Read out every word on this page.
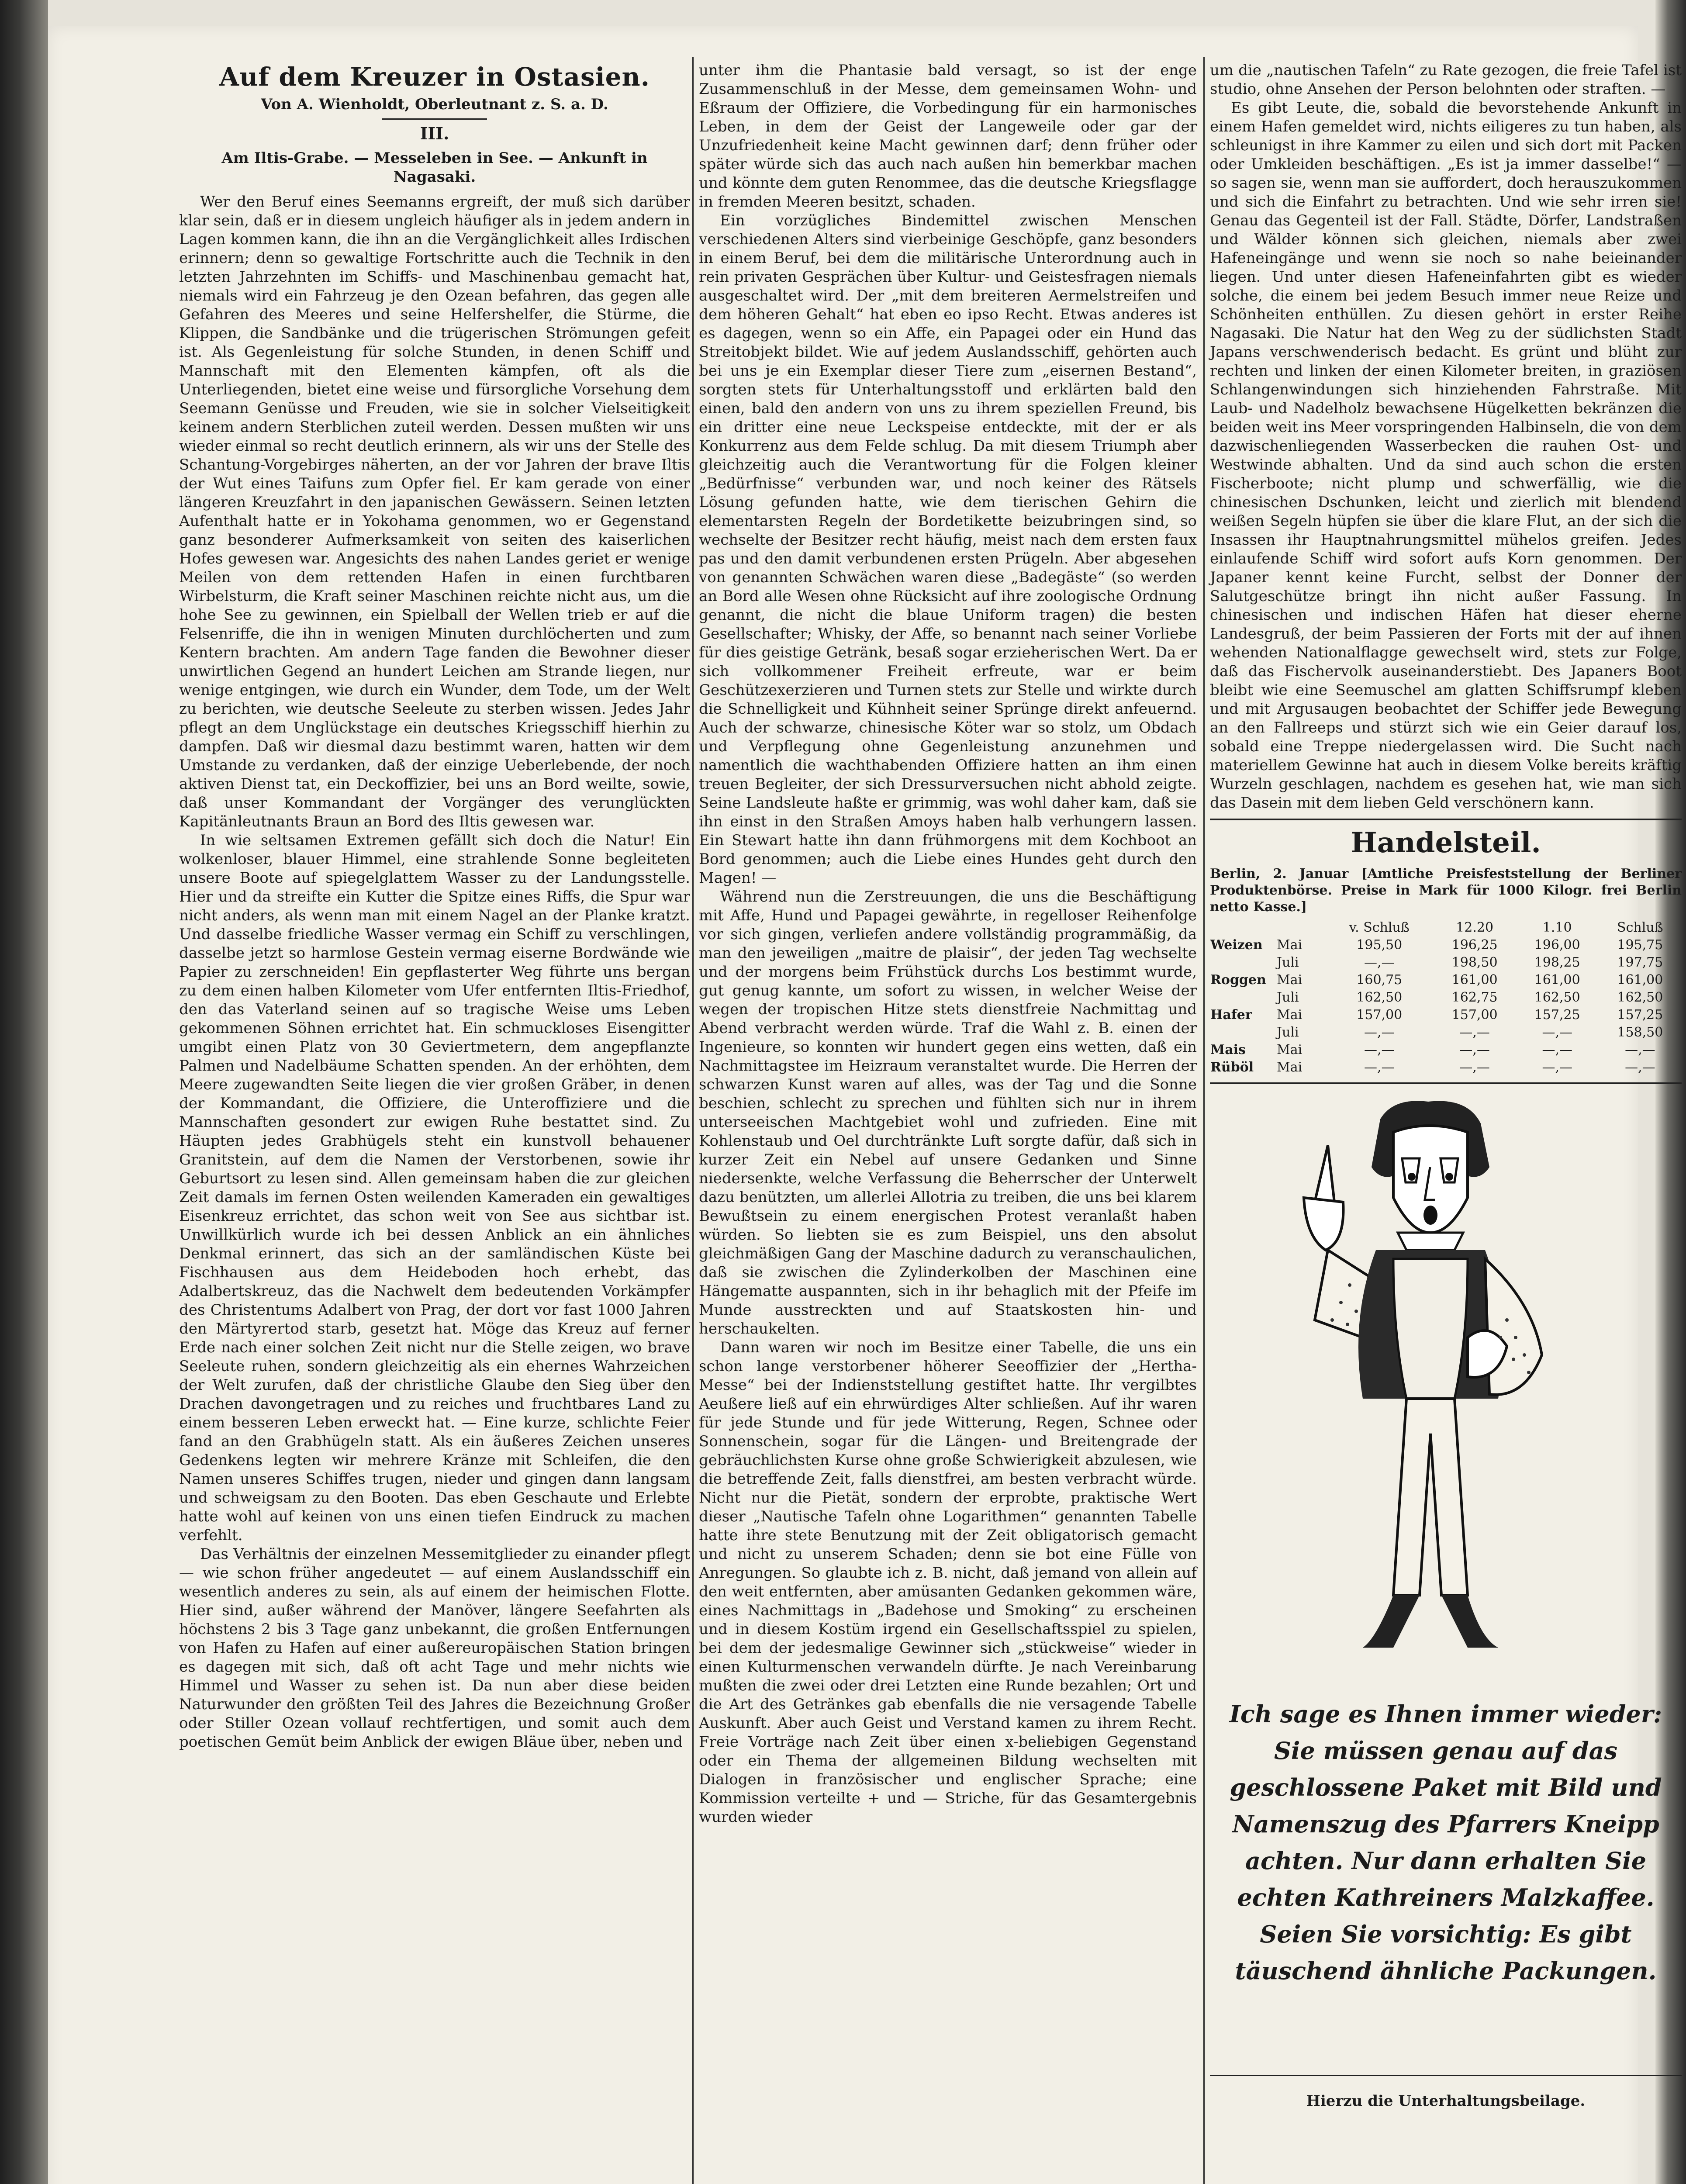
Auf dem Kreuzer in Ostasien.
Von A. Wienholdt, Oberleutnant z. S. a. D.
III.
Am Iltis-Grabe. — Messeleben in See. — Ankunft in Nagasaki.

Wer den Beruf eines Seemanns ergreift, der muß sich darüber klar sein, daß er in diesem ungleich häufiger als in jedem andern in Lagen kommen kann, die ihn an die Vergänglichkeit alles Irdischen erinnern; denn so gewaltige Fortschritte auch die Technik in den letzten Jahrzehnten im Schiffs- und Maschinenbau gemacht hat, niemals wird ein Fahrzeug je den Ozean befahren, das gegen alle Gefahren des Meeres und seine Helfershelfer, die Stürme, die Klippen, die Sandbänke und die trügerischen Strömungen gefeit ist. Als Gegenleistung für solche Stunden, in denen Schiff und Mannschaft mit den Elementen kämpfen, oft als die Unterliegenden, bietet eine weise und fürsorgliche Vorsehung dem Seemann Genüsse und Freuden, wie sie in solcher Vielseitigkeit keinem andern Sterblichen zuteil werden. Dessen mußten wir uns wieder einmal so recht deutlich erinnern, als wir uns der Stelle des Schantung-Vorgebirges näherten, an der vor Jahren der brave Iltis der Wut eines Taifuns zum Opfer fiel. Er kam gerade von einer längeren Kreuzfahrt in den japanischen Gewässern. Seinen letzten Aufenthalt hatte er in Yokohama genommen, wo er Gegenstand ganz besonderer Aufmerksamkeit von seiten des kaiserlichen Hofes gewesen war. Angesichts des nahen Landes geriet er wenige Meilen von dem rettenden Hafen in einen furchtbaren Wirbelsturm, die Kraft seiner Maschinen reichte nicht aus, um die hohe See zu gewinnen, ein Spielball der Wellen trieb er auf die Felsenriffe, die ihn in wenigen Minuten durchlöcherten und zum Kentern brachten. Am andern Tage fanden die Bewohner dieser unwirtlichen Gegend an hundert Leichen am Strande liegen, nur wenige entgingen, wie durch ein Wunder, dem Tode, um der Welt zu berichten, wie deutsche Seeleute zu sterben wissen. Jedes Jahr pflegt an dem Unglückstage ein deutsches Kriegsschiff hierhin zu dampfen. Daß wir diesmal dazu bestimmt waren, hatten wir dem Umstande zu verdanken, daß der einzige Ueberlebende, der noch aktiven Dienst tat, ein Deckoffizier, bei uns an Bord weilte, sowie, daß unser Kommandant der Vorgänger des verunglückten Kapitänleutnants Braun an Bord des Iltis gewesen war.

In wie seltsamen Extremen gefällt sich doch die Natur! Ein wolkenloser, blauer Himmel, eine strahlende Sonne begleiteten unsere Boote auf spiegelglattem Wasser zu der Landungsstelle. Hier und da streifte ein Kutter die Spitze eines Riffs, die Spur war nicht anders, als wenn man mit einem Nagel an der Planke kratzt. Und dasselbe friedliche Wasser vermag ein Schiff zu verschlingen, dasselbe jetzt so harmlose Gestein vermag eiserne Bordwände wie Papier zu zerschneiden! Ein gepflasterter Weg führte uns bergan zu dem einen halben Kilometer vom Ufer entfernten Iltis-Friedhof, den das Vaterland seinen auf so tragische Weise ums Leben gekommenen Söhnen errichtet hat. Ein schmuckloses Eisengitter umgibt einen Platz von 30 Geviertmetern, dem angepflanzte Palmen und Nadelbäume Schatten spenden. An der erhöhten, dem Meere zugewandten Seite liegen die vier großen Gräber, in denen der Kommandant, die Offiziere, die Unteroffiziere und die Mannschaften gesondert zur ewigen Ruhe bestattet sind. Zu Häupten jedes Grabhügels steht ein kunstvoll behauener Granitstein, auf dem die Namen der Verstorbenen, sowie ihr Geburtsort zu lesen sind. Allen gemeinsam haben die zur gleichen Zeit damals im fernen Osten weilenden Kameraden ein gewaltiges Eisenkreuz errichtet, das schon weit von See aus sichtbar ist. Unwillkürlich wurde ich bei dessen Anblick an ein ähnliches Denkmal erinnert, das sich an der samländischen Küste bei Fischhausen aus dem Heideboden hoch erhebt, das Adalbertskreuz, das die Nachwelt dem bedeutenden Vorkämpfer des Christentums Adalbert von Prag, der dort vor fast 1000 Jahren den Märtyrertod starb, gesetzt hat. Möge das Kreuz auf ferner Erde nach einer solchen Zeit nicht nur die Stelle zeigen, wo brave Seeleute ruhen, sondern gleichzeitig als ein ehernes Wahrzeichen der Welt zurufen, daß der christliche Glaube den Sieg über den Drachen davongetragen und zu reiches und fruchtbares Land zu einem besseren Leben erweckt hat. — Eine kurze, schlichte Feier fand an den Grabhügeln statt. Als ein äußeres Zeichen unseres Gedenkens legten wir mehrere Kränze mit Schleifen, die den Namen unseres Schiffes trugen, nieder und gingen dann langsam und schweigsam zu den Booten. Das eben Geschaute und Erlebte hatte wohl auf keinen von uns einen tiefen Eindruck zu machen verfehlt.

Das Verhältnis der einzelnen Messemitglieder zu einander pflegt — wie schon früher angedeutet — auf einem Auslandsschiff ein wesentlich anderes zu sein, als auf einem der heimischen Flotte. Hier sind, außer während der Manöver, längere Seefahrten als höchstens 2 bis 3 Tage ganz unbekannt, die großen Entfernungen von Hafen zu Hafen auf einer außereuropäischen Station bringen es dagegen mit sich, daß oft acht Tage und mehr nichts wie Himmel und Wasser zu sehen ist. Da nun aber diese beiden Naturwunder den größten Teil des Jahres die Bezeichnung Großer oder Stiller Ozean vollauf rechtfertigen, und somit auch dem poetischen Gemüt beim Anblick der ewigen Bläue über, neben und

unter ihm die Phantasie bald versagt, so ist der enge Zusammenschluß in der Messe, dem gemeinsamen Wohn- und Eßraum der Offiziere, die Vorbedingung für ein harmonisches Leben, in dem der Geist der Langeweile oder gar der Unzufriedenheit keine Macht gewinnen darf; denn früher oder später würde sich das auch nach außen hin bemerkbar machen und könnte dem guten Renommee, das die deutsche Kriegsflagge in fremden Meeren besitzt, schaden.

Ein vorzügliches Bindemittel zwischen Menschen verschiedenen Alters sind vierbeinige Geschöpfe, ganz besonders in einem Beruf, bei dem die militärische Unterordnung auch in rein privaten Gesprächen über Kultur- und Geistesfragen niemals ausgeschaltet wird. Der „mit dem breiteren Aermelstreifen und dem höheren Gehalt“ hat eben eo ipso Recht. Etwas anderes ist es dagegen, wenn so ein Affe, ein Papagei oder ein Hund das Streitobjekt bildet. Wie auf jedem Auslandsschiff, gehörten auch bei uns je ein Exemplar dieser Tiere zum „eisernen Bestand“, sorgten stets für Unterhaltungsstoff und erklärten bald den einen, bald den andern von uns zu ihrem speziellen Freund, bis ein dritter eine neue Leckspeise entdeckte, mit der er als Konkurrenz aus dem Felde schlug. Da mit diesem Triumph aber gleichzeitig auch die Verantwortung für die Folgen kleiner „Bedürfnisse“ verbunden war, und noch keiner des Rätsels Lösung gefunden hatte, wie dem tierischen Gehirn die elementarsten Regeln der Bordetikette beizubringen sind, so wechselte der Besitzer recht häufig, meist nach dem ersten faux pas und den damit verbundenen ersten Prügeln. Aber abgesehen von genannten Schwächen waren diese „Badegäste“ (so werden an Bord alle Wesen ohne Rücksicht auf ihre zoologische Ordnung genannt, die nicht die blaue Uniform tragen) die besten Gesellschafter; Whisky, der Affe, so benannt nach seiner Vorliebe für dies geistige Getränk, besaß sogar erzieherischen Wert. Da er sich vollkommener Freiheit erfreute, war er beim Geschützexerzieren und Turnen stets zur Stelle und wirkte durch die Schnelligkeit und Kühnheit seiner Sprünge direkt anfeuernd. Auch der schwarze, chinesische Köter war so stolz, um Obdach und Verpflegung ohne Gegenleistung anzunehmen und namentlich die wachthabenden Offiziere hatten an ihm einen treuen Begleiter, der sich Dressurversuchen nicht abhold zeigte. Seine Landsleute haßte er grimmig, was wohl daher kam, daß sie ihn einst in den Straßen Amoys haben halb verhungern lassen. Ein Stewart hatte ihn dann frühmorgens mit dem Kochboot an Bord genommen; auch die Liebe eines Hundes geht durch den Magen! —

Während nun die Zerstreuungen, die uns die Beschäftigung mit Affe, Hund und Papagei gewährte, in regelloser Reihenfolge vor sich gingen, verliefen andere vollständig programmäßig, da man den jeweiligen „maitre de plaisir“, der jeden Tag wechselte und der morgens beim Frühstück durchs Los bestimmt wurde, gut genug kannte, um sofort zu wissen, in welcher Weise der wegen der tropischen Hitze stets dienstfreie Nachmittag und Abend verbracht werden würde. Traf die Wahl z. B. einen der Ingenieure, so konnten wir hundert gegen eins wetten, daß ein Nachmittagstee im Heizraum veranstaltet wurde. Die Herren der schwarzen Kunst waren auf alles, was der Tag und die Sonne beschien, schlecht zu sprechen und fühlten sich nur in ihrem unterseeischen Machtgebiet wohl und zufrieden. Eine mit Kohlenstaub und Oel durchtränkte Luft sorgte dafür, daß sich in kurzer Zeit ein Nebel auf unsere Gedanken und Sinne niedersenkte, welche Verfassung die Beherrscher der Unterwelt dazu benützten, um allerlei Allotria zu treiben, die uns bei klarem Bewußtsein zu einem energischen Protest veranlaßt haben würden. So liebten sie es zum Beispiel, uns den absolut gleichmäßigen Gang der Maschine dadurch zu veranschaulichen, daß sie zwischen die Zylinderkolben der Maschinen eine Hängematte auspannten, sich in ihr behaglich mit der Pfeife im Munde ausstreckten und auf Staatskosten hin- und herschaukelten.

Dann waren wir noch im Besitze einer Tabelle, die uns ein schon lange verstorbener höherer Seeoffizier der „Hertha-Messe“ bei der Indienststellung gestiftet hatte. Ihr vergilbtes Aeußere ließ auf ein ehrwürdiges Alter schließen. Auf ihr waren für jede Stunde und für jede Witterung, Regen, Schnee oder Sonnenschein, sogar für die Längen- und Breitengrade der gebräuchlichsten Kurse ohne große Schwierigkeit abzulesen, wie die betreffende Zeit, falls dienstfrei, am besten verbracht würde. Nicht nur die Pietät, sondern der erprobte, praktische Wert dieser „Nautische Tafeln ohne Logarithmen“ genannten Tabelle hatte ihre stete Benutzung mit der Zeit obligatorisch gemacht und nicht zu unserem Schaden; denn sie bot eine Fülle von Anregungen. So glaubte ich z. B. nicht, daß jemand von allein auf den weit entfernten, aber amüsanten Gedanken gekommen wäre, eines Nachmittags in „Badehose und Smoking“ zu erscheinen und in diesem Kostüm irgend ein Gesellschaftsspiel zu spielen, bei dem der jedesmalige Gewinner sich „stückweise“ wieder in einen Kulturmenschen verwandeln dürfte. Je nach Vereinbarung mußten die zwei oder drei Letzten eine Runde bezahlen; Ort und die Art des Getränkes gab ebenfalls die nie versagende Tabelle Auskunft. Aber auch Geist und Verstand kamen zu ihrem Recht. Freie Vorträge nach Zeit über einen x-beliebigen Gegenstand oder ein Thema der allgemeinen Bildung wechselten mit Dialogen in französischer und englischer Sprache; eine Kommission verteilte + und — Striche, für das Gesamtergebnis wurden wieder

um die „nautischen Tafeln“ zu Rate gezogen, die freie Tafel ist studio, ohne Ansehen der Person belohnten oder straften. —

Es gibt Leute, die, sobald die bevorstehende Ankunft in einem Hafen gemeldet wird, nichts eiligeres zu tun haben, als schleunigst in ihre Kammer zu eilen und sich dort mit Packen oder Umkleiden beschäftigen. „Es ist ja immer dasselbe!“ — so sagen sie, wenn man sie auffordert, doch herauszukommen und sich die Einfahrt zu betrachten. Und wie sehr irren sie! Genau das Gegenteil ist der Fall. Städte, Dörfer, Landstraßen und Wälder können sich gleichen, niemals aber zwei Hafeneingänge und wenn sie noch so nahe beieinander liegen. Und unter diesen Hafeneinfahrten gibt es wieder solche, die einem bei jedem Besuch immer neue Reize und Schönheiten enthüllen. Zu diesen gehört in erster Reihe Nagasaki. Die Natur hat den Weg zu der südlichsten Stadt Japans verschwenderisch bedacht. Es grünt und blüht zur rechten und linken der einen Kilometer breiten, in graziösen Schlangenwindungen sich hinziehenden Fahrstraße. Mit Laub- und Nadelholz bewachsene Hügelketten bekränzen die beiden weit ins Meer vorspringenden Halbinseln, die von dem dazwischenliegenden Wasserbecken die rauhen Ost- und Westwinde abhalten. Und da sind auch schon die ersten Fischerboote; nicht plump und schwerfällig, wie die chinesischen Dschunken, leicht und zierlich mit blendend weißen Segeln hüpfen sie über die klare Flut, an der sich die Insassen ihr Hauptnahrungsmittel mühelos greifen. Jedes einlaufende Schiff wird sofort aufs Korn genommen. Der Japaner kennt keine Furcht, selbst der Donner der Salutgeschütze bringt ihn nicht außer Fassung. In chinesischen und indischen Häfen hat dieser eherne Landesgruß, der beim Passieren der Forts mit der auf ihnen wehenden Nationalflagge gewechselt wird, stets zur Folge, daß das Fischervolk auseinanderstiebt. Des Japaners Boot bleibt wie eine Seemuschel am glatten Schiffsrumpf kleben und mit Argusaugen beobachtet der Schiffer jede Bewegung an den Fallreeps und stürzt sich wie ein Geier darauf los, sobald eine Treppe niedergelassen wird. Die Sucht nach materiellem Gewinne hat auch in diesem Volke bereits kräftig Wurzeln geschlagen, nachdem es gesehen hat, wie man sich das Dasein mit dem lieben Geld verschönern kann.

Handelsteil.
Berlin, 2. Januar [Amtliche Preisfeststellung der Berliner Produktenbörse. Preise in Mark für 1000 Kilogr. frei Berlin netto Kasse.]
		v. Schluß	12.20	1.10	Schluß
Weizen	Mai	195,50	196,25	196,00	195,75
	Juli	—,—	198,50	198,25	197,75
Roggen	Mai	160,75	161,00	161,00	161,00
	Juli	162,50	162,75	162,50	162,50
Hafer	Mai	157,00	157,00	157,25	157,25
	Juli	—,—	—,—	—,—	158,50
Mais	Mai	—,—	—,—	—,—	—,—
Rüböl	Mai	—,—	—,—	—,—	—,—
Ich sage es Ihnen immer wieder: Sie müssen genau auf das geschlossene Paket mit Bild und Namenszug des Pfarrers Kneipp achten. Nur dann erhalten Sie echten Kathreiners Malzkaffee. Seien Sie vorsichtig: Es gibt täuschend ähnliche Packungen.
Hierzu die Unterhaltungsbeilage.
